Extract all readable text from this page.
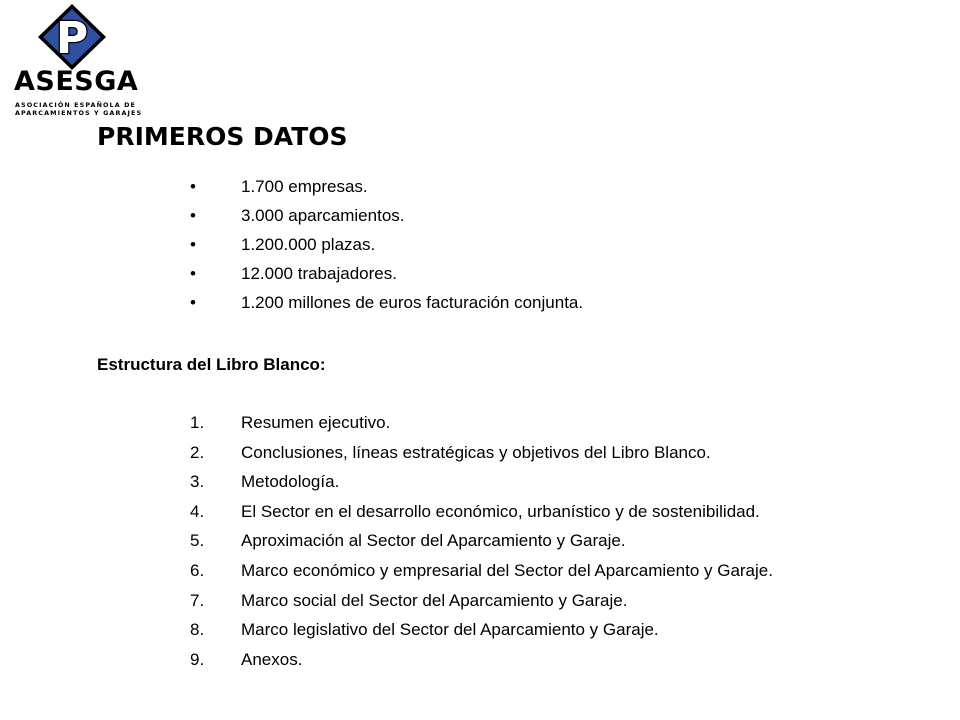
P
ASESGA
ASOCIACIÓN ESPAÑOLA DE
APARCAMIENTOS Y GARAJES
PRIMEROS DATOS
•	1.700 empresas.
•	3.000 aparcamientos.
•	1.200.000 plazas.
•	12.000 trabajadores.
•	1.200 millones de euros facturación conjunta.
Estructura del Libro Blanco:
1. Resumen ejecutivo.
2. Conclusiones, líneas estratégicas y objetivos del Libro Blanco.
3. Metodología.
4. El Sector en el desarrollo económico, urbanístico y de sostenibilidad.
5. Aproximación al Sector del Aparcamiento y Garaje.
6. Marco económico y empresarial del Sector del Aparcamiento y Garaje.
7. Marco social del Sector del Aparcamiento y Garaje.
8. Marco legislativo del Sector del Aparcamiento y Garaje.
9. Anexos.
